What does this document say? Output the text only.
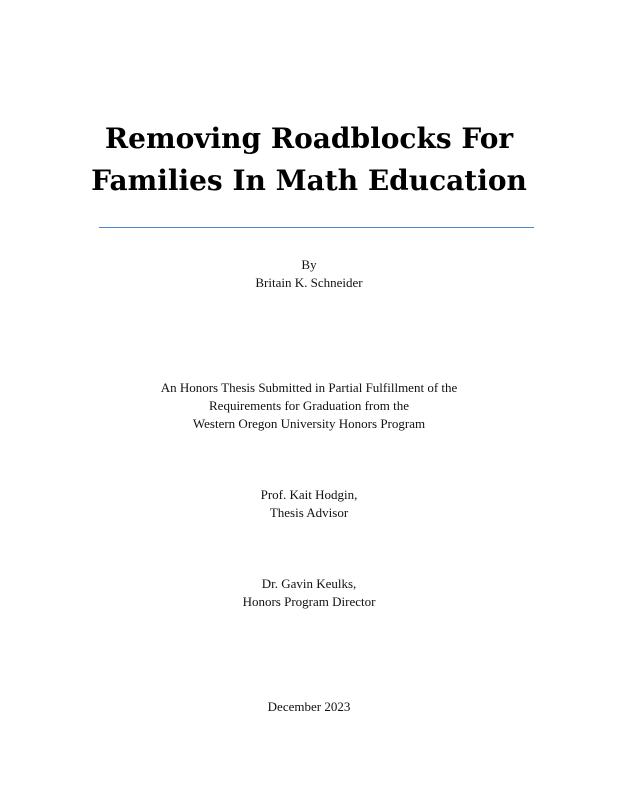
Removing Roadblocks For
Families In Math Education
By
Britain K. Schneider
An Honors Thesis Submitted in Partial Fulfillment of the
Requirements for Graduation from the
Western Oregon University Honors Program
Prof. Kait Hodgin,
Thesis Advisor
Dr. Gavin Keulks,
Honors Program Director
December 2023
